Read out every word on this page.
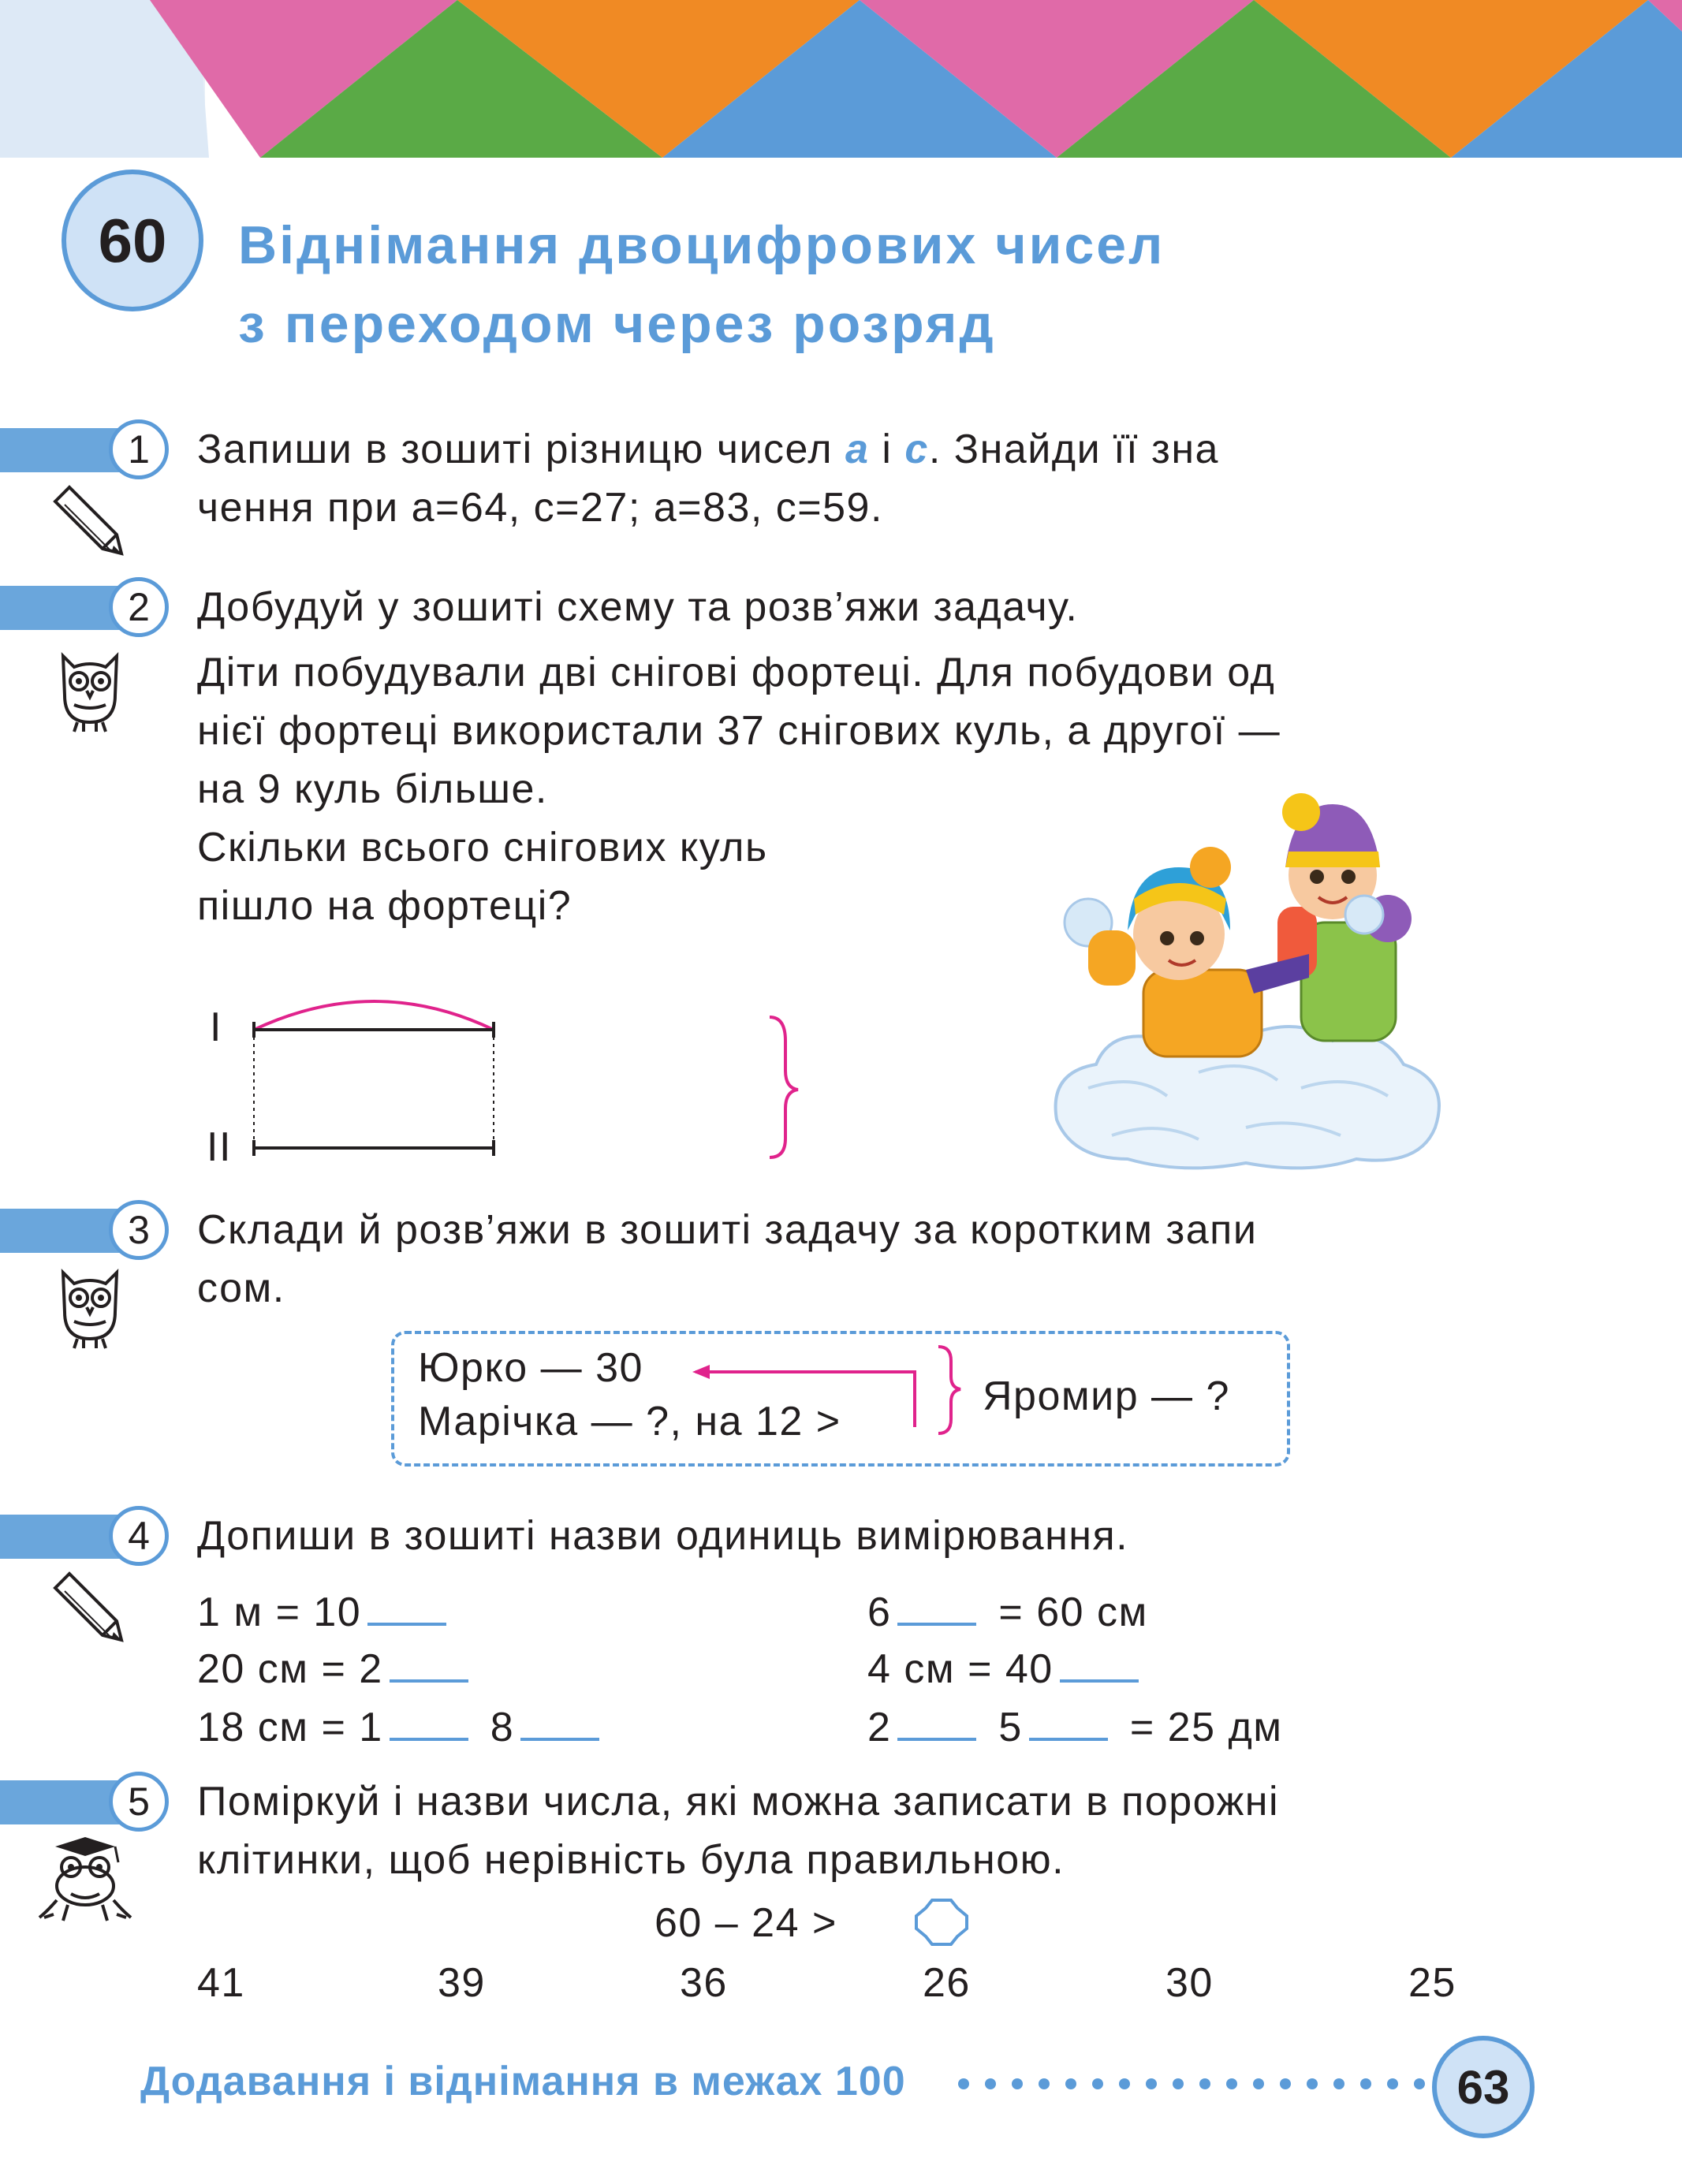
60 Віднімання двоцифрових чисел
з переходом через розряд
1	Запиши в зошиті різницю чисел a і c. Знайди її зна
чення при a=64, c=27; a=83, c=59.
2	Добудуй у зошиті схему та розв’яжи задачу.
Діти побудували дві снігові фортеці. Для побудови од
нієї фортеці використали 37 снігових куль, а другої —
на 9 куль більше.
Скільки всього снігових куль
пішло на фортеці?
I
II
3	Склади й розв’яжи в зошиті задачу за коротким запи
сом.
Юрко — 30
Марічка — ?, на 12 >
Яромир — ?
4	Допиши в зошиті назви одиниць вимірювання.
1 м = 10
20 см = 2
18 см = 1	8
6	= 60 см
4 см = 40
2	5	= 25 дм
5	Поміркуй і назви числа, які можна записати в порожні
клітинки, щоб нерівність була правильною.
60 – 24 >
41	39	36	26	30	25
Додавання і віднімання в межах 100	63
